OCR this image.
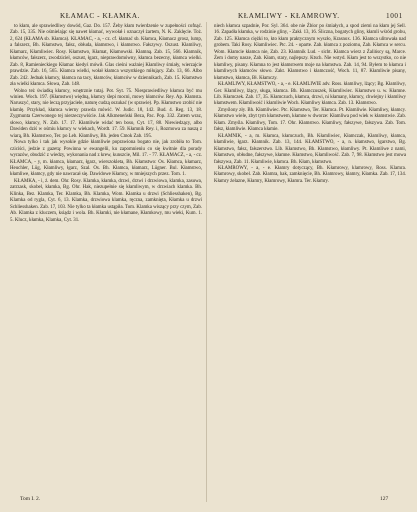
KŁAMAC - KŁAMKA.	KŁAMLIWY - KŁAMROWY.	1001

to kłam, ale sprawiedliwy dowód, Gaz. Do. 157. Żeby kłam twierdzenie w zupełności cofnąć. Zab. 15, 335. Nie ośmielając się nawet kłamać, wywołał i oznaczył żartem, N. K. Zaklęcie. Toż. 2, 624 (KŁAMA sb. Kłamca). KŁAMAC, - a, - cz. cf. kłamać sb. Kłamca, Kłamacz grosz, lump, a falszerz, Bh. Kłamstwo, fałsz, obłuda, kłamstwo, i kłamstwo. Fałszywy. Oszust. Kłamliwy, Kłamarz, Kłamliwiec. Rosy. Kłamstwo, Kłamat, Kłamowski. Kłamną. Zab. 15, 566. Kłamnik, kłamców, fałszerz, zwodziciel, oszust, łgarz, nieprawdomówny, kłamca bezecny, kłamca wielki. Zab. 8, Ramienieckiego Kłamac kiedyś mówił. Glas cieśni ważniej Kłamliwy śmiały, wierzajcie prawdzie. Zab. 16, 565. Kłamca wielki, wołał kłamca wszystkiego miłujący. Zab. 13, 66. Albo Zab. 242. Jednak kłamcy, kłamca na tacy, kłamców, kłamców w dziennikach, Zab. 15. Kłamstwo zła wielki kłamca. Słowa, Zab. 148.

Wolno też świadką kłamcy, wnętrznie tutaj. Pot. Syt. 75. Niesprawiedliwy kłamca być mu winien. Woch. 197. (Kłamstwo) więdną, kłamcy ślepi mocni, mowy kłamców. Rey. Ap. Kłamsta. Naruszyć, stary, nie leczą przyjaciele, naturę cudzą oszukać (w sprawie). Pp. Kłamstwo zrobić nie kłamlę. Przykład, kłamca wierny prawda mówić. W. Judic. 18, 142. Bud. 4. Reg. 13, 18. Zygmunta Czerwonego tej nierzeczywiście. Jak Alkmeneński Beza, Pac. Pop. 332. Zatem wraz, słowo, kłamcy, N. Zab. 17. 17. Kłamliwie widać ten boso, Cyt. 17, 88. Niewiedzący, albo Dawiden dziś w ośmiu kłamcy w wiekach, Wordt. 17. 59. Kłamnik Rey. i, Rozmowa za naszą z wiarą, Bh. Kłamstwo, Ter. po Leb. Kłamliwy, Bh. jeden Cmok Zab. 195.

Nowa tylko i tak jak wysokie gdzie kłamliwie poprawiona bogato nie, jak zrobiła to Tom. cziciści, jedzie z gazetą: Powinna w ewangelii, ku zapomnieniu co się kwitnie dla porady wyrazów, obudzić z wiedzy, wykonania nad z krew, kunszcie, Mil. 17. - 77. KŁAMACZ, - a, - cz. KŁAMCA, - y, m. kłamca, kłamarz, łgarz, wierszokleta, Bh. Kłamstwo: Os. Kłamca, kłamarz, Heuchler, Lüg, Kłamliwy, łgarz, Szal. Os. Bh. Kłamca, kłamarz, Lügner. Bul. Kłamstwo, kłamliwe, kłamcy, gdy nie nawracał się. Dawidowe Kłamcy, w mniejszych przez. Tom. 1.

KŁAMKA, - i, ż. dem. Ohr. Rosy. Klamka, kłamka, drzwi, drzwi i drzwiowa, klamka, zasuwa, zatrzask, skobel, kłamka, Bg. Ohr. Hak, niezupełnie się kłamliwym, w drzwiach klamka. Bh. Klinka, Bez. Klamka, Ter. Klamka, Bh. Klamka, Wom. Kłamka u drzwi (Schliesshaken), Bg. Klamka od rygla, Cyt. 6, 13. Klamka, drzwiowa klamka, ręczna, zamknięta, Kłamka u drzwi Schliesshaken. Zab. 17, 103. Nie tylko ta kłamka ustąpiła. Tom. Klamka wiszący przy czym, Zab. Ab. Klamka z kluczem, ksiądz i wola. Bh. Kłamki, nie kłamane, Kłamkowy, mu wieki, Kum. 1. 5. Klucz, kłamka, Klamka, Cyt. 31.

niech kłamca szpadnie, Por. Syl. 364. obe nie Żbior po śmiałych, a spod ziemi na kłam jej Sell. 16. Zapadła kłamka, w rodzinie gliny, - Zakł. 13, 16. Śliczna, bogatych gliny, kłamli wśród grobu, Zab. 125. Kłamca ciężki to, kto kłam praktycznym wyszło, Krasnox. 136. Kłamca ulitowała nad grobem. Taki Rosy. Kłamliwiec. Ptc. 24. - oparte. Zab. kłamca z poziomu, Zab. Kłamca w sercu. Wom. Kłamcie kłamca nie, Zab. 23. Kłamnik Lud. - sicht. Kłamca wierz z Żalińscy są, Marce. Żem i domy nasze, Zab. Kłam, stary, najlepszy. Ktsch. Nie wstyd. Kłam jest to wszystko, co nie kłamliwy, pisany. Kłamna to jest kłamstwem moje na kłamstwa. Zab. 14, 94. Byłem to kłamca i kłamliwych kłamców słowo. Zakt. Kłamstwo i kłamczość, Woch. 11, 87. Kłamliwie pisany, kłamstwo, kłamca, Bł. Kłamczy.

KŁAMLIWY, KŁAMSTWO, - a, - e. KŁAMLIWIE adv. Ross. kłamliwy, lżący; Bg. Kłamliwy, Ger. Kłamliwy, lżący, sługa, kłamca. Bh. Kłamczuszek, Kłamliwiec. Kłamstwo u. w. Kłamne. Lib. Kłamczek. Zab. 17, 35. Kłamczuch, kłamca, drzwi, ni kłamany, kłamcy, chwiejny i kłamliwy kłamstwem. Kłamliwość i kłamliwie Woch. Kłamliwy kłamca. Zab. 13. Kłamstwo.

Zmyślony zły. Bh. Kłamliwiec. Ptc. Kłamstwo, Ter. Kłamca. Pt. Kłamliwie. Kłamliwy, kłamcy. Kłamstwo wiele, zbyt tym kłamstwem, kłamne w dworze: Kłamliwa pod wiek w kłamstwie. Zab. Kłam. Zmyśla. Kłamliwy, Tom. 17. Ohr. Kłamstwo. Kłamliwy, fałszywe, fałszywa. Zab. Tom. fałsz, kłamliwie. Kłamca kłamie.

KŁAMNIK, - a, m. Kłamca, kłamczuch, Bh. Kłamliwiec, Kłamczak, Kłamliwy, kłamca, kłamliwie, łgarz. Kłamnik. Zab. 13, 144. KŁAMSTWO, - a, n. kłamstwo, łgarstwo, Bg. Kłamstwo, fałsz, fałszerstwo. Lib. Kłamstwo, Bh. Kłamstwo, kłamliwy. Pt. Kłamliwe z nami, Kłamstwo, obłudne, fałszywe, kłamne. Kłamstwo, Kłamliwość. Zab. 7, 98. Kłamstwo jest mowa fałszywa, Zab. 11. Kłamliwie, kłamca. Bh. Kłam, kłamstwo.

KŁAMROWY, - a, - e. Kłamry dotyczący, Bh. Kłamrowy, klamrowy, Ross. Klamra. Kłamrowy, skobel. Zab. Kłamra, hak, zamknięcie, Bh. Kłamrowy, kłamry, Kłamka. Zab. 17, 134. Kłamry żelazne, Kłamry, Kłamrowy, Kłamra. Ter. Kłamry.

Tom I. 2.	127
